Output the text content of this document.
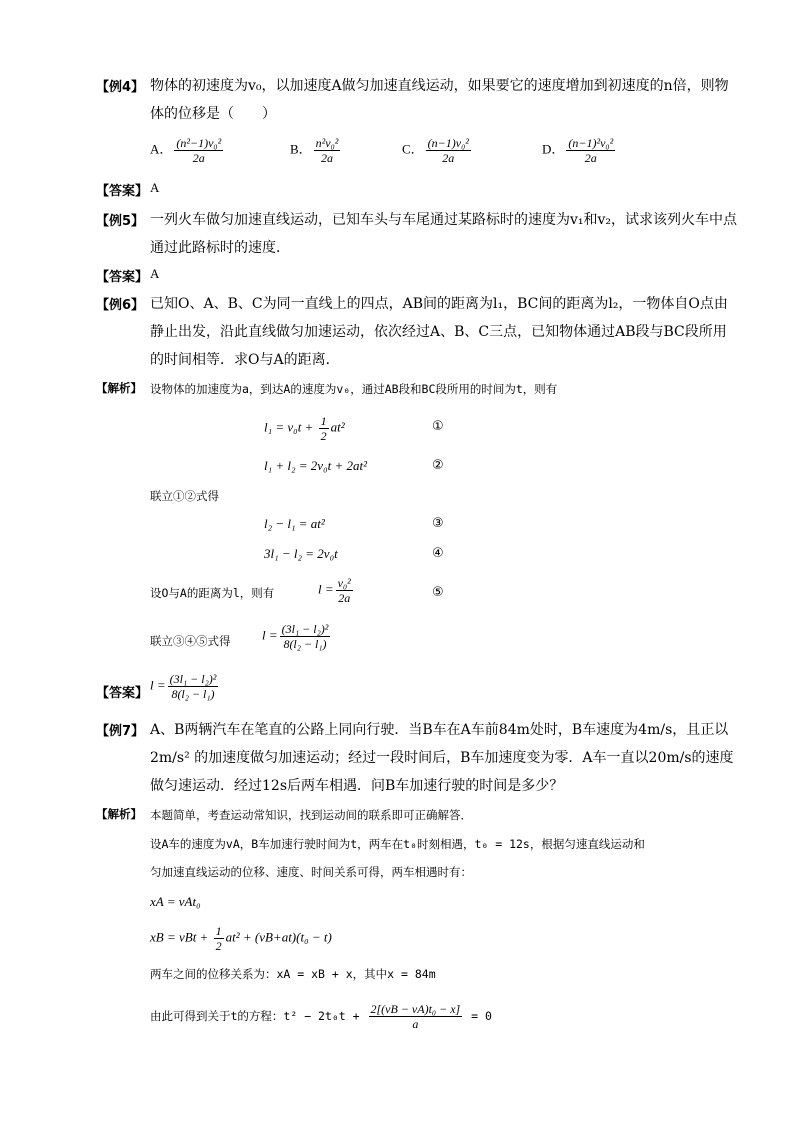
【例4】 物体的初速度为v₀，以加速度A做匀加速直线运动，如果要它的速度增加到初速度的n倍，则物
体的位移是（　　）
A． $\frac{\text{(n²−1)v₀²}}{2a}$	B． $\frac{\text{n²v₀²}}{2a}$	C． $\frac{\text{(n−1)v₀²}}{2a}$	D． $\frac{\text{(n−1)²v₀²}}{2a}$
【答案】 A
【例5】 一列火车做匀加速直线运动，已知车头与车尾通过某路标时的速度为v₁和v₂，试求该列火车中点
通过此路标时的速度．
【答案】 A
【例6】 已知O、A、B、C为同一直线上的四点，AB间的距离为l₁，BC间的距离为l₂，一物体自O点由
静止出发，沿此直线做匀加速运动，依次经过A、B、C三点，已知物体通过AB段与BC段所用
的时间相等．求O与A的距离．
【解析】 设物体的加速度为a，到达A的速度为v₀，通过AB段和BC段所用的时间为t，则有
$l_1 = v_0t + \frac{1}{2} at^2$	①
l₁ + l₂ = 2v₀t + 2at²	②
联立①②式得
l₂ − l₁ = at²	③
3l₁ − l₂ = 2v₀t	④
设O与A的距离为l，则有	$l = \frac{\text{v₀²}}{2a}$	⑤
联立③④⑤式得 $l = \frac{\text{(3l₁ − l₂)²}}{\text{8(l₂ − l₁)}}$
【答案】
$l = \frac{\text{(3l₁ − l₂)²}}{\text{8(l₂ − l₁)}}$
【例7】 A、B两辆汽车在笔直的公路上同向行驶．当B车在A车前84m处时，B车速度为4m/s，且正以
2m/s² 的加速度做匀加速运动；经过一段时间后，B车加速度变为零．A车一直以20m/s的速度
做匀速运动．经过12s后两车相遇．问B车加速行驶的时间是多少？
【解析】 本题简单，考查运动常知识，找到运动间的联系即可正确解答．
设A车的速度为vA，B车加速行驶时间为t，两车在t₀时刻相遇，t₀ = 12s，根据匀速直线运动和
匀加速直线运动的位移、速度、时间关系可得，两车相遇时有：
xA = vAt₀
xB = vBt + $\frac{1}{2} at^2 + (vB+at)(t_0 - t)$
两车之间的位移关系为：xA = xB + x，其中x = 84m
由此可得到关于t的方程：$t^2 - 2t_0t + \frac{\text{2[(vB − vA)t₀ − x]}}{a} = 0$
